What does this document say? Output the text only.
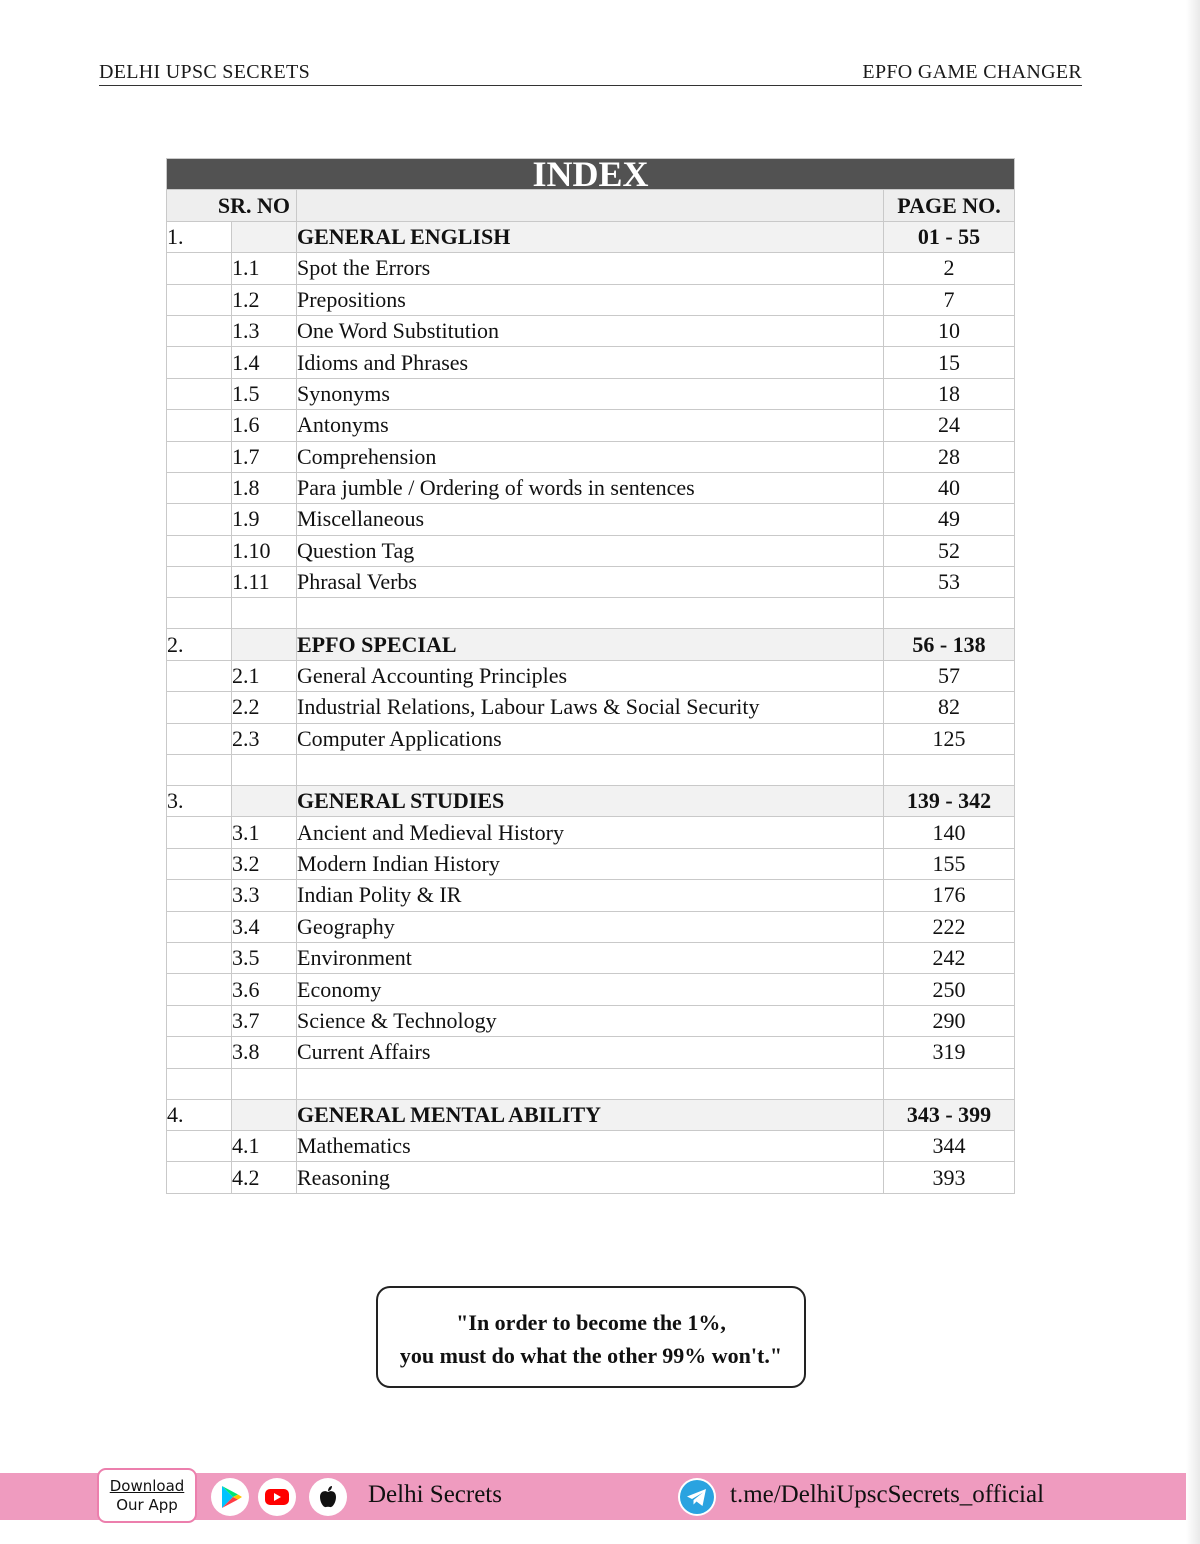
DELHI UPSC SECRETS	EPFO GAME CHANGER
INDEX			
SR. NO			PAGE NO.
1.		GENERAL ENGLISH	01 - 55
	1.1	Spot the Errors	2
	1.2	Prepositions	7
	1.3	One Word Substitution	10
	1.4	Idioms and Phrases	15
	1.5	Synonyms	18
	1.6	Antonyms	24
	1.7	Comprehension	28
	1.8	Para jumble / Ordering of words in sentences	40
	1.9	Miscellaneous	49
	1.10	Question Tag	52
	1.11	Phrasal Verbs	53

2.		EPFO SPECIAL	56 - 138
	2.1	General Accounting Principles	57
	2.2	Industrial Relations, Labour Laws & Social Security	82
	2.3	Computer Applications	125

3.		GENERAL STUDIES	139 - 342
	3.1	Ancient and Medieval History	140
	3.2	Modern Indian History	155
	3.3	Indian Polity & IR	176
	3.4	Geography	222
	3.5	Environment	242
	3.6	Economy	250
	3.7	Science & Technology	290
	3.8	Current Affairs	319

4.		GENERAL MENTAL ABILITY	343 - 399
	4.1	Mathematics	344
	4.2	Reasoning	393
"In order to become the 1%,
you must do what the other 99% won't."
Download
Our App	Delhi Secrets	t.me/DelhiUpscSecrets_official
